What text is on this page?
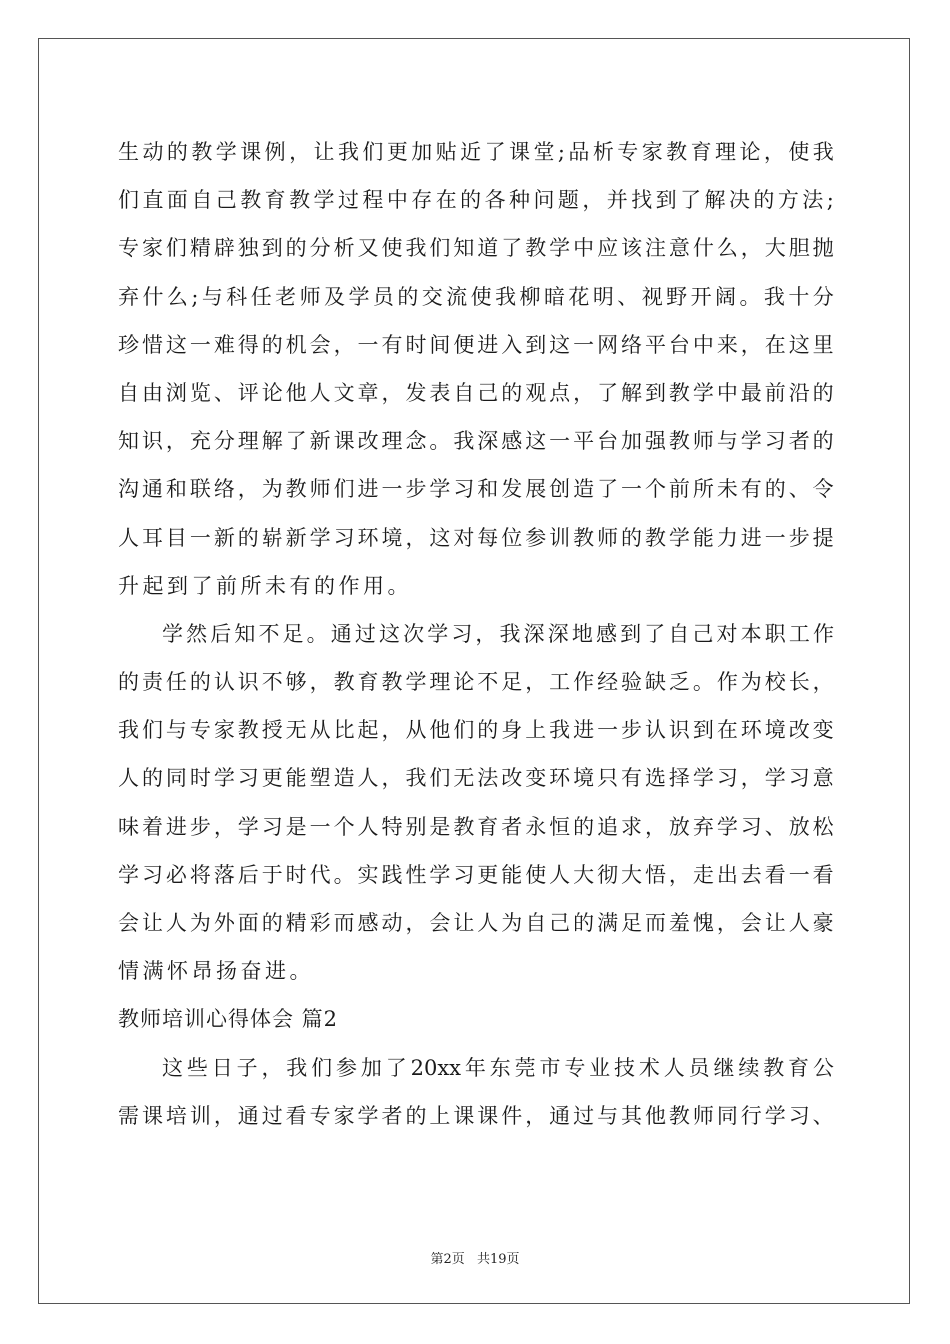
生 动 的 教 学 课 例 ， 让 我 们 更 加 贴 近 了 课 堂 ; 品 析 专 家 教 育 理 论 ， 使 我
们 直 面 自 己 教 育 教 学 过 程 中 存 在 的 各 种 问 题 ， 并 找 到 了 解 决 的 方 法 ;
专 家 们 精 辟 独 到 的 分 析 又 使 我 们 知 道 了 教 学 中 应 该 注 意 什 么 ， 大 胆 抛
弃 什 么 ; 与 科 任 老 师 及 学 员 的 交 流 使 我 柳 暗 花 明 、 视 野 开 阔 。 我 十 分
珍 惜 这 一 难 得 的 机 会 ， 一 有 时 间 便 进 入 到 这 一 网 络 平 台 中 来 ， 在 这 里
自 由 浏 览 、 评 论 他 人 文 章 ， 发 表 自 己 的 观 点 ， 了 解 到 教 学 中 最 前 沿 的
知 识 ， 充 分 理 解 了 新 课 改 理 念 。 我 深 感 这 一 平 台 加 强 教 师 与 学 习 者 的
沟 通 和 联 络 ， 为 教 师 们 进 一 步 学 习 和 发 展 创 造 了 一 个 前 所 未 有 的 、 令
人 耳 目 一 新 的 崭 新 学 习 环 境 ， 这 对 每 位 参 训 教 师 的 教 学 能 力 进 一 步 提
升起到了前所未有的作用。
学 然 后 知 不 足 。 通 过 这 次 学 习 ， 我 深 深 地 感 到 了 自 己 对 本 职 工 作
的 责 任 的 认 识 不 够 ， 教 育 教 学 理 论 不 足 ， 工 作 经 验 缺 乏 。 作 为 校 长 ，
我 们 与 专 家 教 授 无 从 比 起 ， 从 他 们 的 身 上 我 进 一 步 认 识 到 在 环 境 改 变
人 的 同 时 学 习 更 能 塑 造 人 ， 我 们 无 法 改 变 环 境 只 有 选 择 学 习 ， 学 习 意
味 着 进 步 ， 学 习 是 一 个 人 特 别 是 教 育 者 永 恒 的 追 求 ， 放 弃 学 习 、 放 松
学 习 必 将 落 后 于 时 代 。 实 践 性 学 习 更 能 使 人 大 彻 大 悟 ， 走 出 去 看 一 看
会 让 人 为 外 面 的 精 彩 而 感 动 ， 会 让 人 为 自 己 的 满 足 而 羞 愧 ， 会 让 人 豪
情满怀昂扬奋进。
教师培训心得体会 篇2
这 些 日 子 ， 我 们 参 加 了 20xx 年 东 莞 市 专 业 技 术 人 员 继 续 教 育 公
需 课 培 训 ， 通 过 看 专 家 学 者 的 上 课 课 件 ， 通 过 与 其 他 教 师 同 行 学 习 、
第2页 共19页
